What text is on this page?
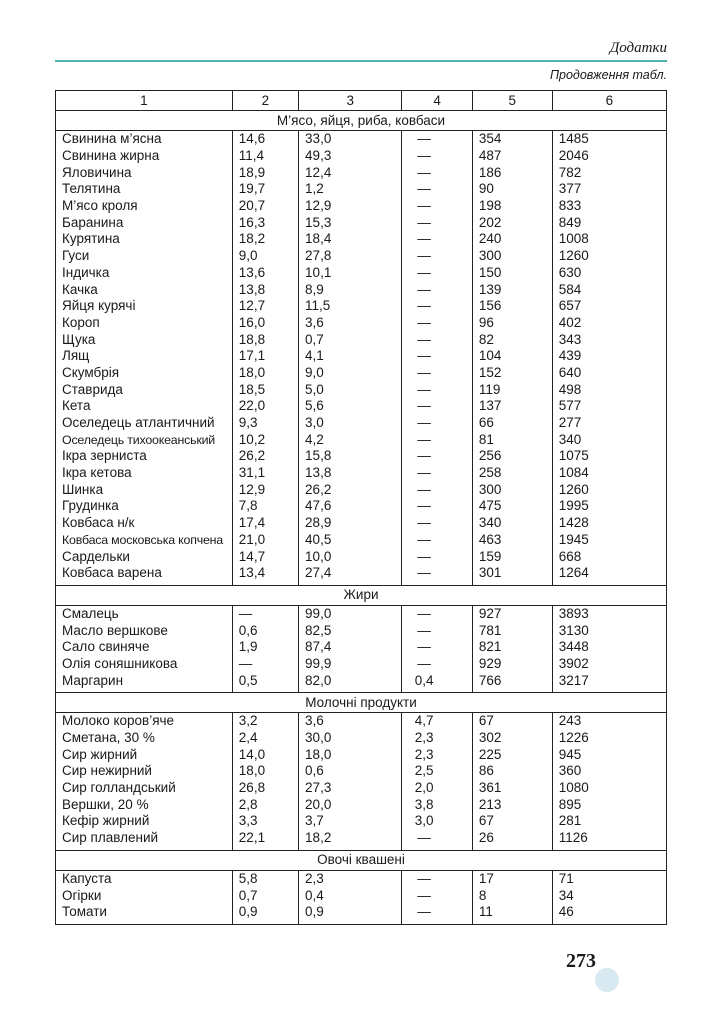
Додатки
Продовження табл.
1	2	3	4	5	6
М’ясо, яйця, риба, ковбаси					
Свинина м’ясна	14,6	33,0	—	354	1485
Свинина жирна	11,4	49,3	—	487	2046
Яловичина	18,9	12,4	—	186	782
Телятина	19,7	1,2	—	90	377
М’ясо кроля	20,7	12,9	—	198	833
Баранина	16,3	15,3	—	202	849
Курятина	18,2	18,4	—	240	1008
Гуси	9,0	27,8	—	300	1260
Індичка	13,6	10,1	—	150	630
Качка	13,8	8,9	—	139	584
Яйця курячі	12,7	11,5	—	156	657
Короп	16,0	3,6	—	96	402
Щука	18,8	0,7	—	82	343
Лящ	17,1	4,1	—	104	439
Скумбрія	18,0	9,0	—	152	640
Ставрида	18,5	5,0	—	119	498
Кета	22,0	5,6	—	137	577
Оселедець атлантичний	9,3	3,0	—	66	277
Оселедець тихоокеанський	10,2	4,2	—	81	340
Ікра зерниста	26,2	15,8	—	256	1075
Ікра кетова	31,1	13,8	—	258	1084
Шинка	12,9	26,2	—	300	1260
Грудинка	7,8	47,6	—	475	1995
Ковбаса н/к	17,4	28,9	—	340	1428
Ковбаса московська копчена	21,0	40,5	—	463	1945
Сардельки	14,7	10,0	—	159	668
Ковбаса варена	13,4	27,4	—	301	1264

Жири					
Смалець	—	99,0	—	927	3893
Масло вершкове	0,6	82,5	—	781	3130
Сало свиняче	1,9	87,4	—	821	3448
Олія соняшникова	—	99,9	—	929	3902
Маргарин	0,5	82,0	0,4	766	3217

Молочні продукти					
Молоко коров’яче	3,2	3,6	4,7	67	243
Сметана, 30 %	2,4	30,0	2,3	302	1226
Сир жирний	14,0	18,0	2,3	225	945
Сир нежирний	18,0	0,6	2,5	86	360
Сир голландський	26,8	27,3	2,0	361	1080
Вершки, 20 %	2,8	20,0	3,8	213	895
Кефір жирний	3,3	3,7	3,0	67	281
Сир плавлений	22,1	18,2	—	26	1126

Овочі квашені					
Капуста	5,8	2,3	—	17	71
Огірки	0,7	0,4	—	8	34
Томати	0,9	0,9	—	11	46

273
